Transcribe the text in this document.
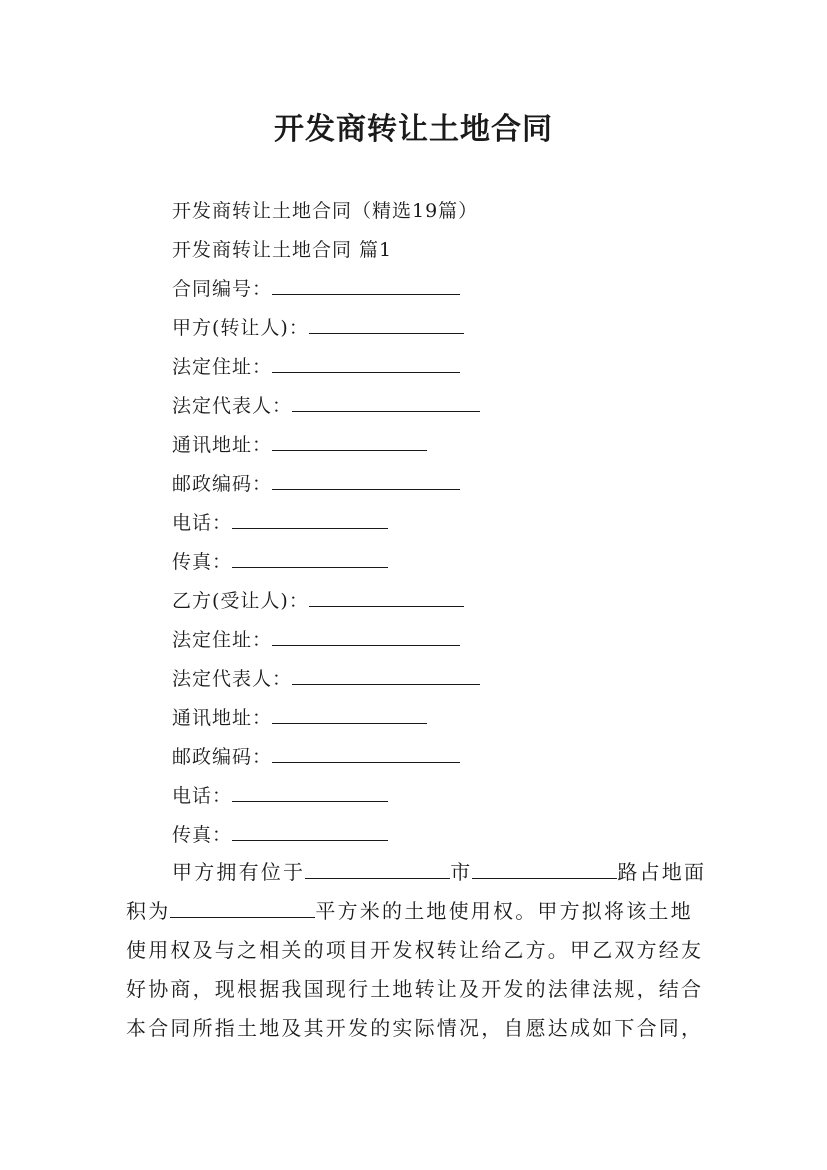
开发商转让土地合同
开发商转让土地合同（精选19篇）
开发商转让土地合同 篇1
合同编号：
甲方(转让人)：
法定住址：
法定代表人：
通讯地址：
邮政编码：
电话：
传真：
乙方(受让人)：
法定住址：
法定代表人：
通讯地址：
邮政编码：
电话：
传真：
甲方拥有位于	市	路占地面
积为	平方米的土地使用权。甲方拟将该土地
使用权及与之相关的项目开发权转让给乙方。甲乙双方经友
好协商，现根据我国现行土地转让及开发的法律法规，结合
本合同所指土地及其开发的实际情况，自愿达成如下合同，
